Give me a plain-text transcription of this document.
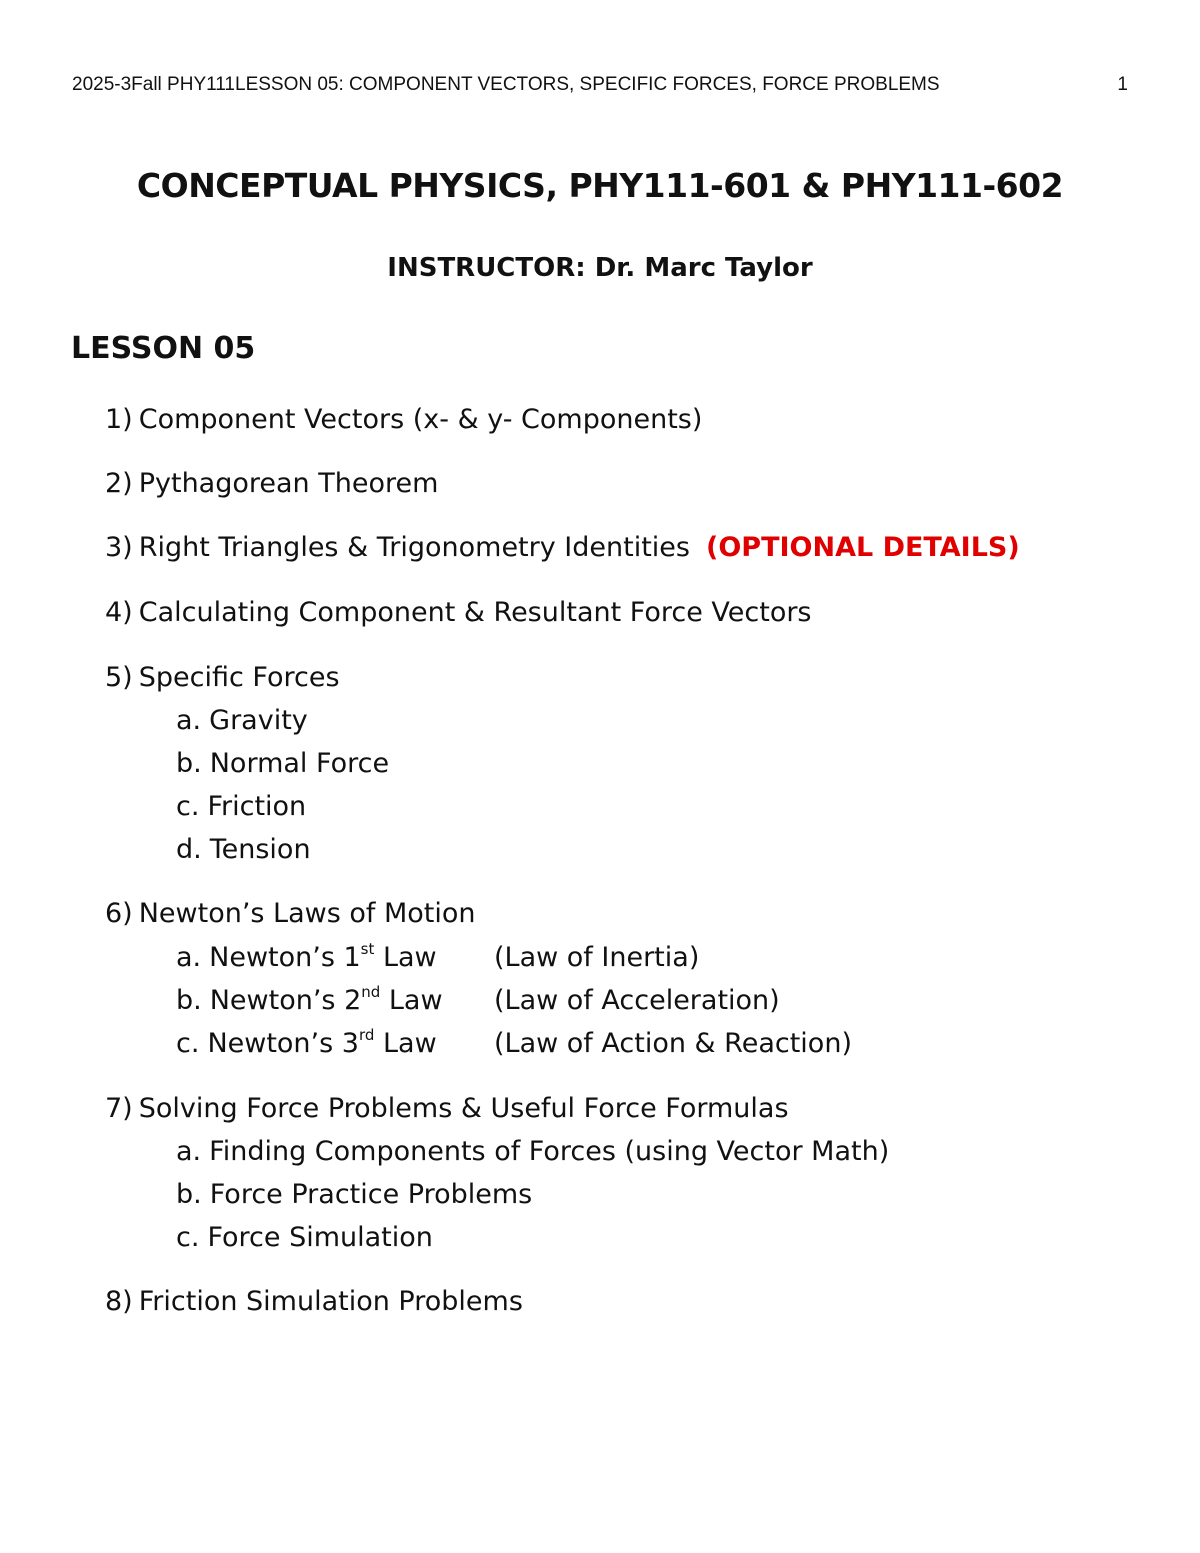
2025-3Fall PHY111LESSON 05: COMPONENT VECTORS, SPECIFIC FORCES, FORCE PROBLEMS	1
CONCEPTUAL PHYSICS, PHY111-601 & PHY111-602
INSTRUCTOR: Dr. Marc Taylor
LESSON 05
1) Component Vectors (x- & y- Components)
2) Pythagorean Theorem
3) Right Triangles & Trigonometry Identities (OPTIONAL DETAILS)
4) Calculating Component & Resultant Force Vectors
5) Specific Forces
a. Gravity
b. Normal Force
c. Friction
d. Tension
6) Newton’s Laws of Motion
a. Newton’s 1st Law (Law of Inertia)
b. Newton’s 2nd Law (Law of Acceleration)
c. Newton’s 3rd Law (Law of Action & Reaction)
7) Solving Force Problems & Useful Force Formulas
a. Finding Components of Forces (using Vector Math)
b. Force Practice Problems
c. Force Simulation
8) Friction Simulation Problems
